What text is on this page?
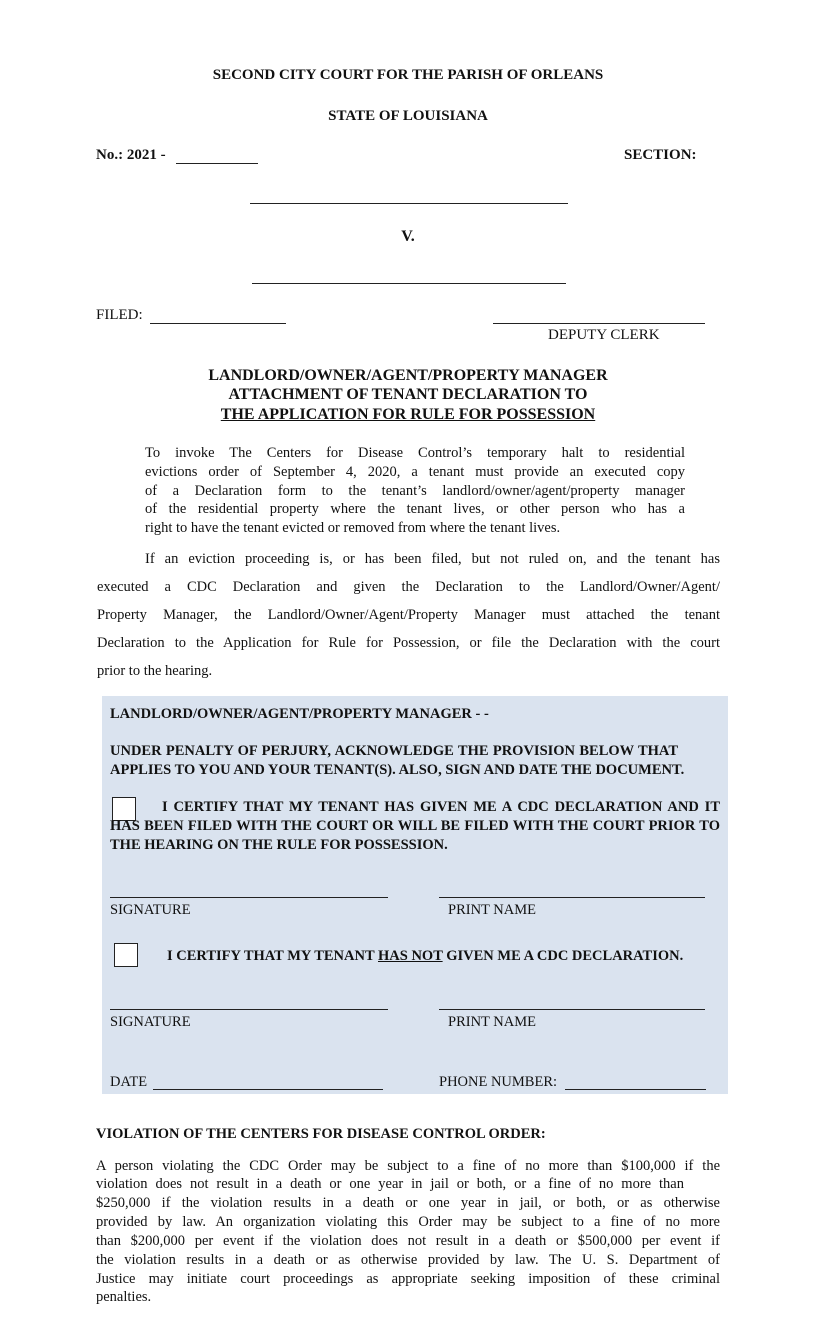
SECOND CITY COURT FOR THE PARISH OF ORLEANS
STATE OF LOUISIANA
No.: 2021 -	SECTION:
V.
FILED:
DEPUTY CLERK
LANDLORD/OWNER/AGENT/PROPERTY MANAGER
ATTACHMENT OF TENANT DECLARATION TO
THE APPLICATION FOR RULE FOR POSSESSION
To invoke The Centers for Disease Control’s temporary halt to residential
evictions order of September 4, 2020, a tenant must provide an executed copy
of a Declaration form to the tenant’s landlord/owner/agent/property manager
of the residential property where the tenant lives, or other person who has a
right to have the tenant evicted or removed from where the tenant lives.
If an eviction proceeding is, or has been filed, but not ruled on, and the tenant has
executed a CDC Declaration and given the Declaration to the Landlord/Owner/Agent/
Property Manager, the Landlord/Owner/Agent/Property Manager must attached the tenant
Declaration to the Application for Rule for Possession, or file the Declaration with the court
prior to the hearing.
LANDLORD/OWNER/AGENT/PROPERTY MANAGER - -
UNDER PENALTY OF PERJURY, ACKNOWLEDGE THE PROVISION BELOW THAT
APPLIES TO YOU AND YOUR TENANT(S). ALSO, SIGN AND DATE THE DOCUMENT.
I CERTIFY THAT MY TENANT HAS GIVEN ME A CDC DECLARATION AND IT
HAS BEEN FILED WITH THE COURT OR WILL BE FILED WITH THE COURT PRIOR TO
THE HEARING ON THE RULE FOR POSSESSION.
SIGNATURE	PRINT NAME
I CERTIFY THAT MY TENANT HAS NOT GIVEN ME A CDC DECLARATION.
SIGNATURE	PRINT NAME
DATE	PHONE NUMBER:
VIOLATION OF THE CENTERS FOR DISEASE CONTROL ORDER:
A person violating the CDC Order may be subject to a fine of no more than $100,000 if the
violation does not result in a death or one year in jail or both, or a fine of no more than
$250,000 if the violation results in a death or one year in jail, or both, or as otherwise
provided by law. An organization violating this Order may be subject to a fine of no more
than $200,000 per event if the violation does not result in a death or $500,000 per event if
the violation results in a death or as otherwise provided by law. The U. S. Department of
Justice may initiate court proceedings as appropriate seeking imposition of these criminal
penalties.
